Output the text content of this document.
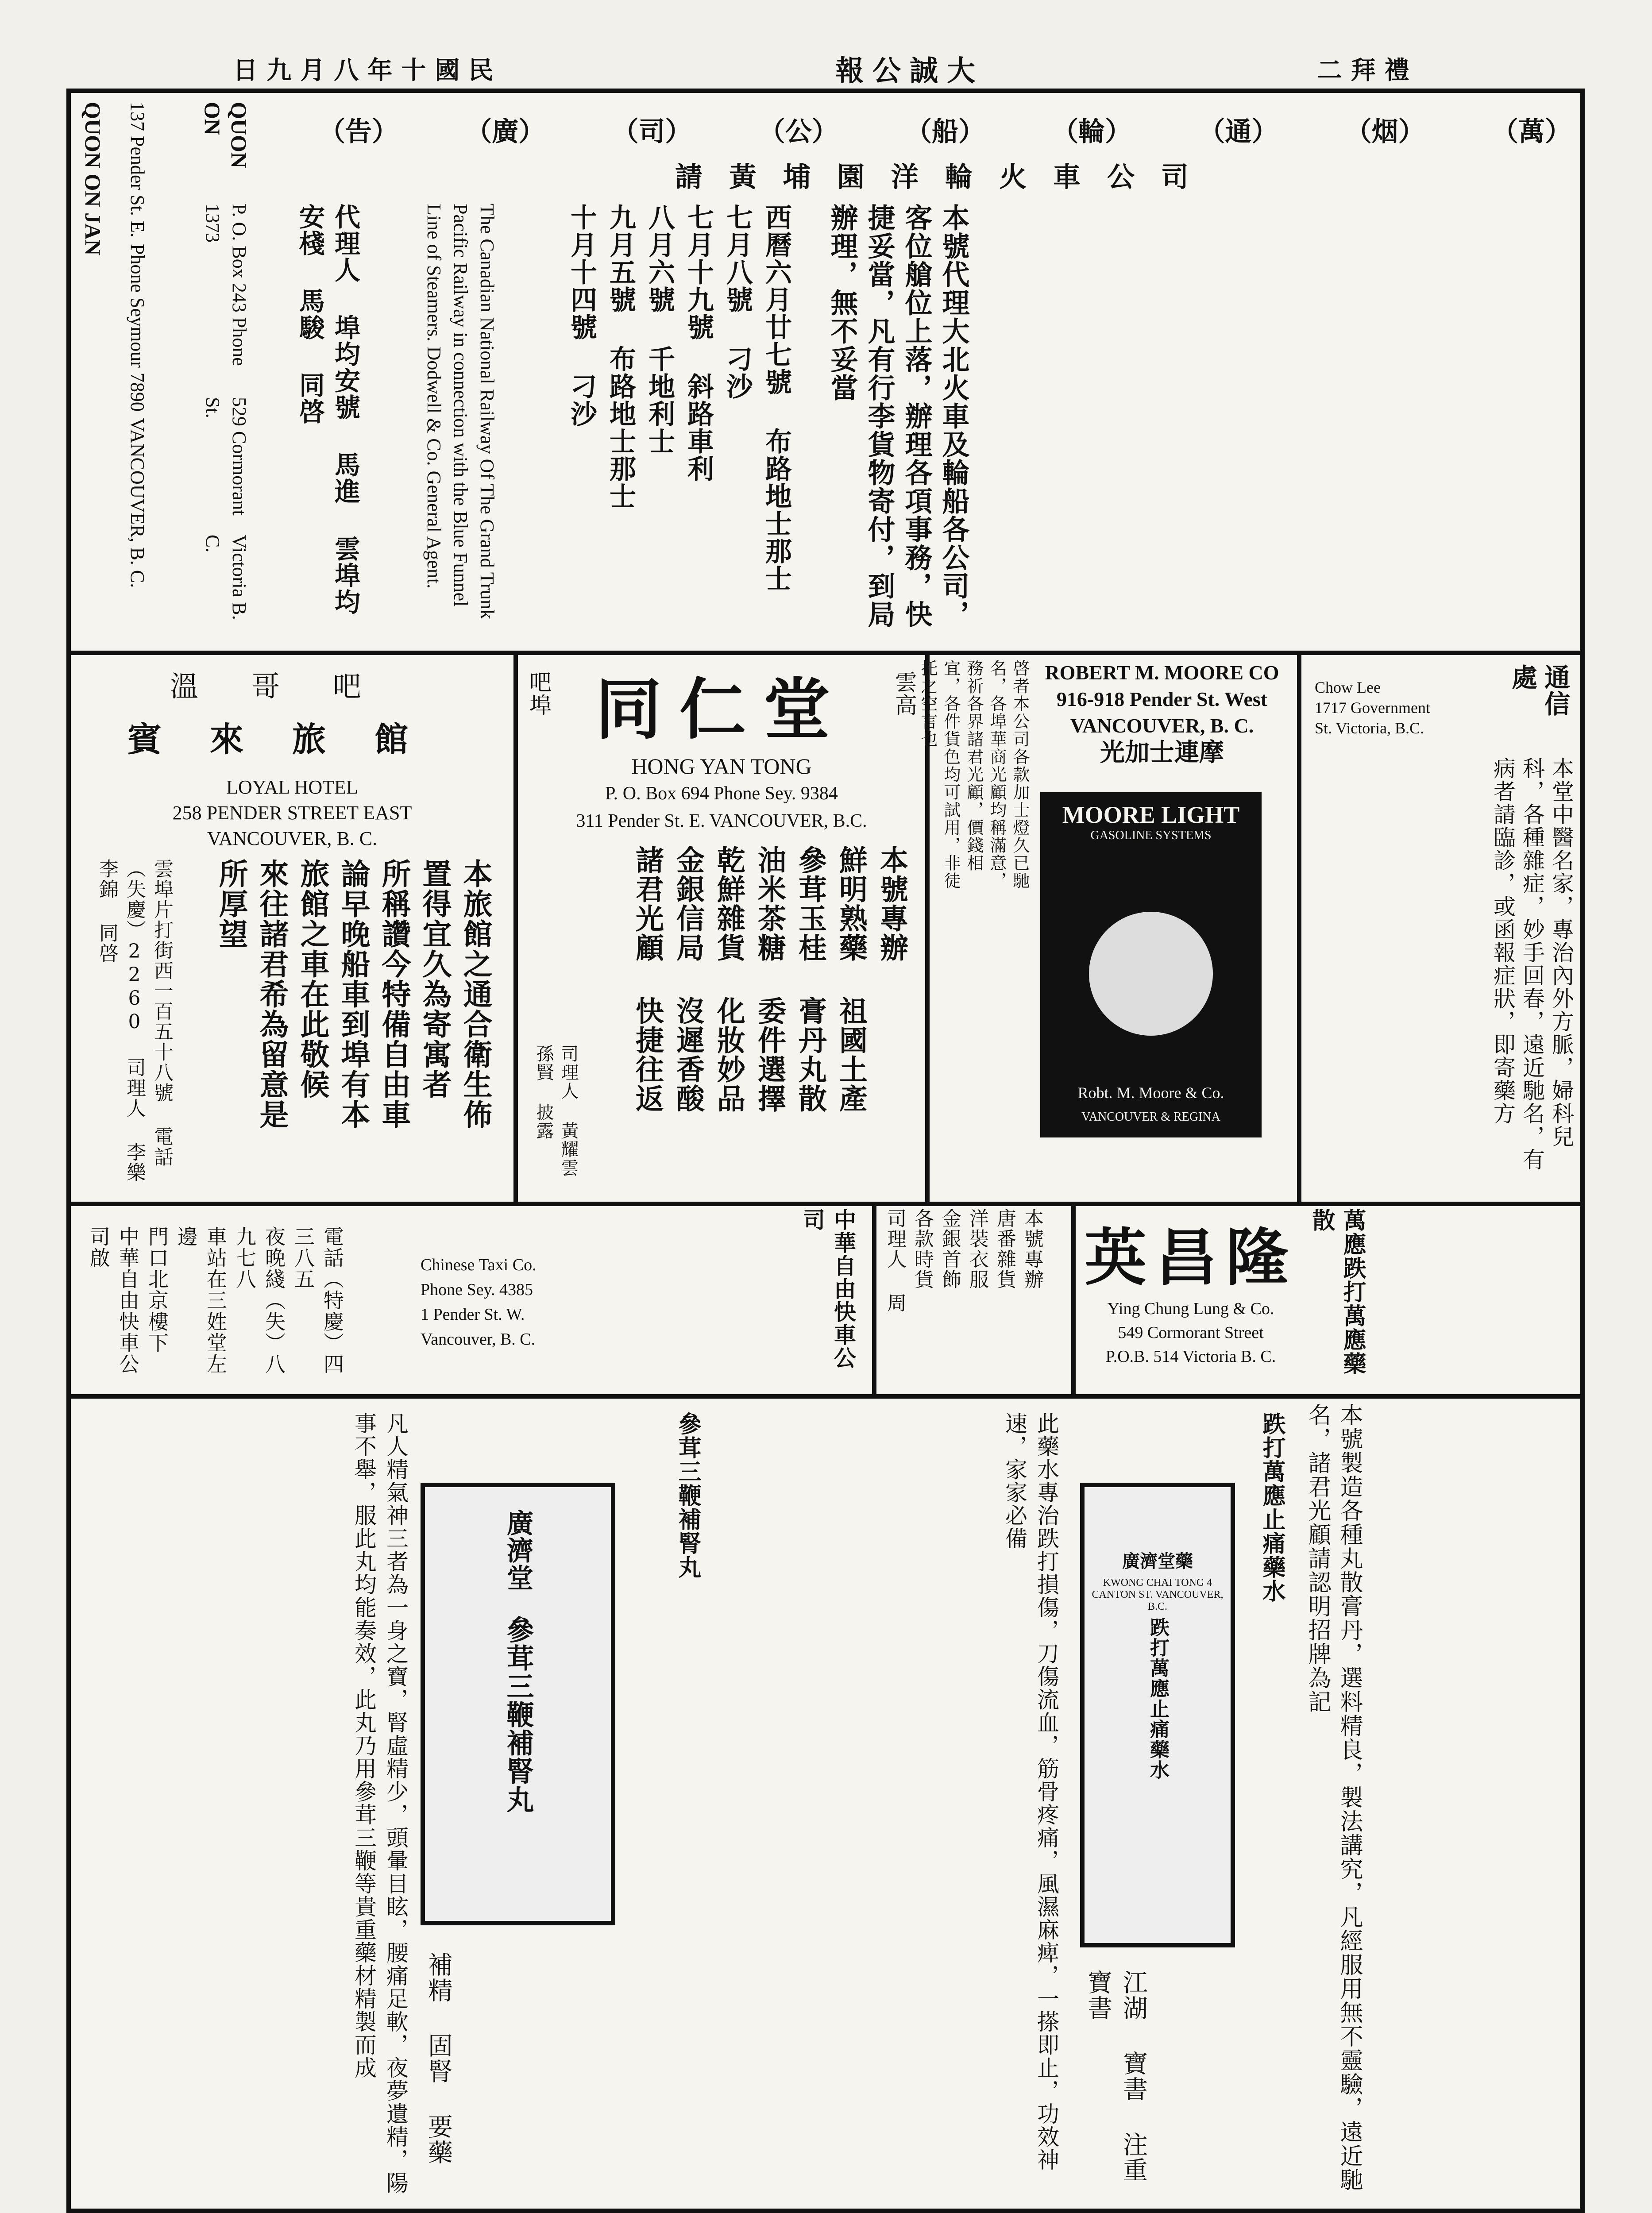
日九月八年十國民	報公誠大	二拜禮
QUON ON JAN 137 Pender St. E.
Phone Seymour 7890
VANCOUVER, B. C.
QUON ON
P. O. Box 243 Phone 1373
529 Cormorant St.
Victoria B. C.
（告）	（廣）	（司）	（公）	（船）	（輪）	（通）	（烟）	（萬）
請黃埔園洋輪火車公司
代理人 埠均安號 馬進 雲埠均安棧 馬駿 同啓	The Canadian National Railway Of The Grand Trunk Pacific Railway in connection with the Blue Funnel Line of Steamers. Dodwell & Co. General Agent.	西曆六月廿七號 布路地士那士
七月八號 刁沙
七月十九號 斜路車利
八月六號 千地利士
九月五號 布路地士那士
十月十四號 刁沙	本號代理大北火車及輪船各公司，客位艙位上落，辦理各項事務，快捷妥當，凡有行李貨物寄付，到局辦理，無不妥當
通信處
Chow Lee
1717 Government St. Victoria, B.C.
本堂中醫名家，專治內外方脈，婦科兒科，各種雜症，妙手回春，遠近馳名，有病者請臨診，或函報症狀，即寄藥方
ROBERT M. MOORE CO
916-918 Pender St. West
VANCOUVER, B. C.
光加士連摩
啓者本公司各款加士燈久已馳名，各埠華商光顧均稱滿意，務祈各界諸君光顧，價錢相宜，各件貨色均可試用，非徒托之空言也
MOORE LIGHT
GASOLINE SYSTEMS
Robt. M. Moore & Co.
VANCOUVER & REGINA
吧埠 同仁堂 雲高
HONG YAN TONG
P. O. Box 694 Phone Sey. 9384
311 Pender St. E. VANCOUVER, B.C.
本號專辦
鮮明熟藥 祖國土產
參茸玉桂 膏丹丸散
油米茶糖 委件選擇
乾鮮雜貨 化妝妙品
金銀信局 沒遲香酸
諸君光顧 快捷往返
司理人 黃耀雲 孫賢 披露
溫哥吧
賓來旅館
LOYAL HOTEL
258 PENDER STREET EAST
VANCOUVER, B. C.
本旅館之通合衛生佈
置得宜久為寄寓者
所稱讚今特備自由車
論早晚船車到埠有本
旅館之車在此敬候
來往諸君希為留意是
所厚望
雲埠片打街西一百五十八號 電話（失慶）2260 司理人 李樂 李錦 同啓
萬應跌打萬應藥散
英昌隆
Ying Chung Lung & Co.
549 Cormorant Street
P.O.B. 514 Victoria B. C.
本號專辦
唐番雜貨
洋裝衣服
金銀首飾
各款時貨
司理人 周
中華自由快車公司
Chinese Taxi Co.
Phone Sey. 4385
1 Pender St. W.
Vancouver, B. C.
電話（特慶）四三八五
夜晚綫（失）八九七八
車站在三姓堂左邊
門口北京樓下
中華自由快車公司啟
本號製造各種丸散膏丹，選料精良，製法講究，凡經服用無不靈驗，遠近馳名，諸君光顧請認明招牌為記
廣濟堂藥
KWONG CHAI TONG 4 CANTON ST. VANCOUVER, B.C.
跌打萬應止痛藥水
跌打萬應止痛藥水
此藥水專治跌打損傷，刀傷流血，筋骨疼痛，風濕麻痺，一搽即止，功效神速，家家必備
江湖 寶書 注重 寶書
廣濟堂
參茸三鞭補腎丸
參茸三鞭補腎丸
凡人精氣神三者為一身之寶，腎虛精少，頭暈目眩，腰痛足軟，夜夢遺精，陽事不舉，服此丸均能奏效，此丸乃用參茸三鞭等貴重藥材精製而成	補精 固腎 要藥
